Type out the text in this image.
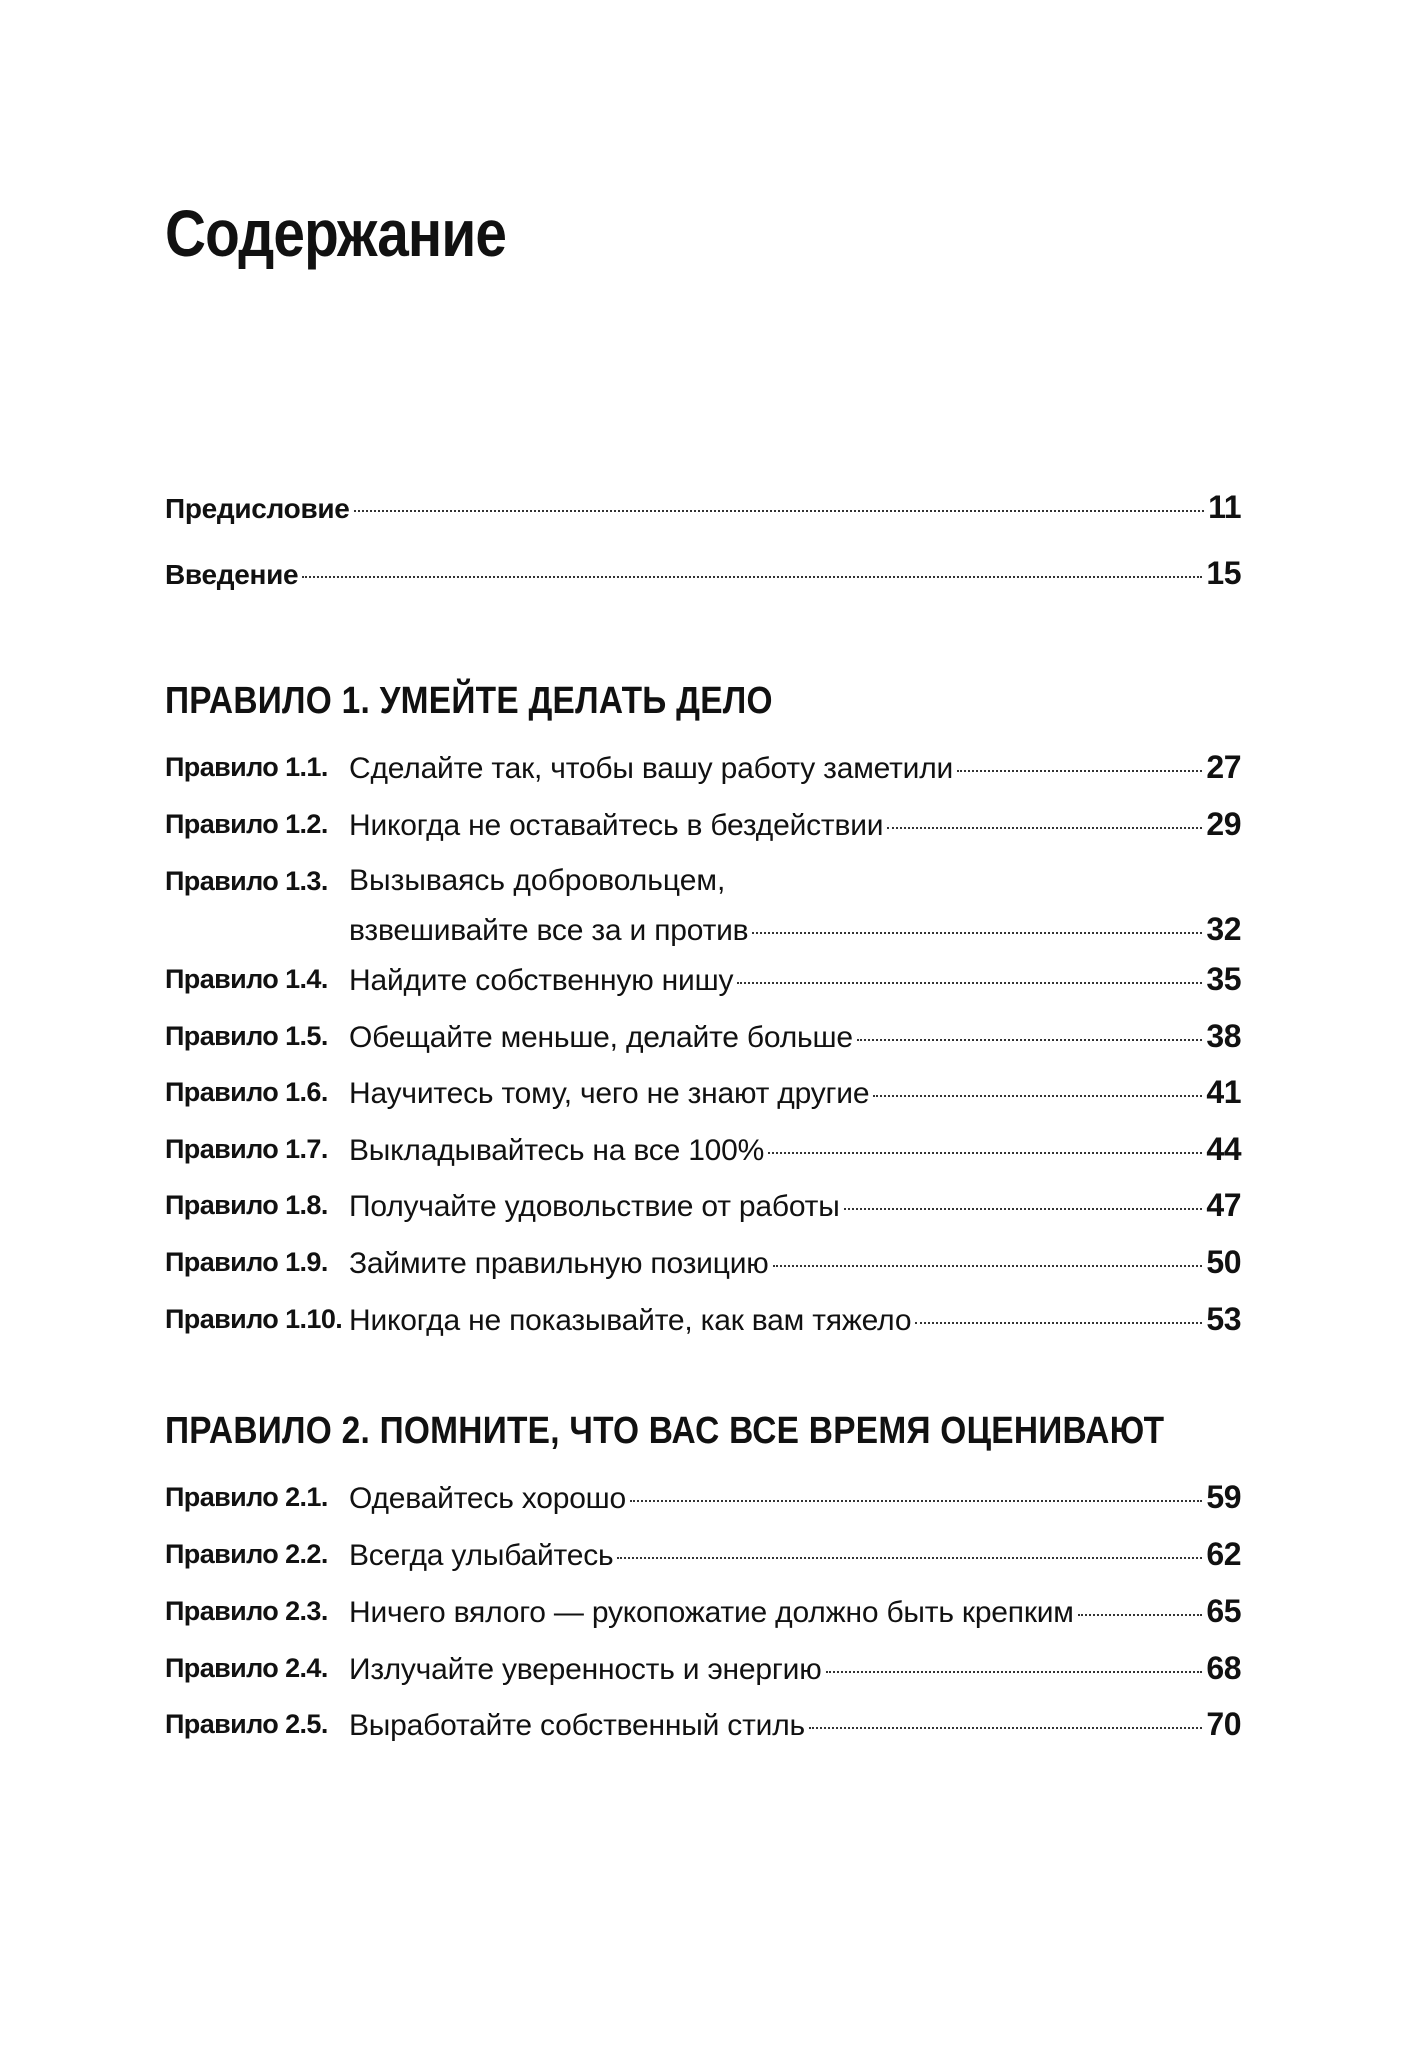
Содержание
Предисловие	11
Введение	15
ПРАВИЛО 1. УМЕЙТЕ ДЕЛАТЬ ДЕЛО
Правило 1.1. Сделайте так, чтобы вашу работу заметили	27
Правило 1.2. Никогда не оставайтесь в бездействии	29
Правило 1.3. Вызываясь добровольцем,
взвешивайте все за и против	32
Правило 1.4. Найдите собственную нишу	35
Правило 1.5. Обещайте меньше, делайте больше	38
Правило 1.6. Научитесь тому, чего не знают другие	41
Правило 1.7. Выкладывайтесь на все 100%	44
Правило 1.8. Получайте удовольствие от работы	47
Правило 1.9. Займите правильную позицию	50
Правило 1.10. Никогда не показывайте, как вам тяжело	53
ПРАВИЛО 2. ПОМНИТЕ, ЧТО ВАС ВСЕ ВРЕМЯ ОЦЕНИВАЮТ
Правило 2.1. Одевайтесь хорошо	59
Правило 2.2. Всегда улыбайтесь	62
Правило 2.3. Ничего вялого — рукопожатие должно быть крепким	65
Правило 2.4. Излучайте уверенность и энергию	68
Правило 2.5. Выработайте собственный стиль	70
